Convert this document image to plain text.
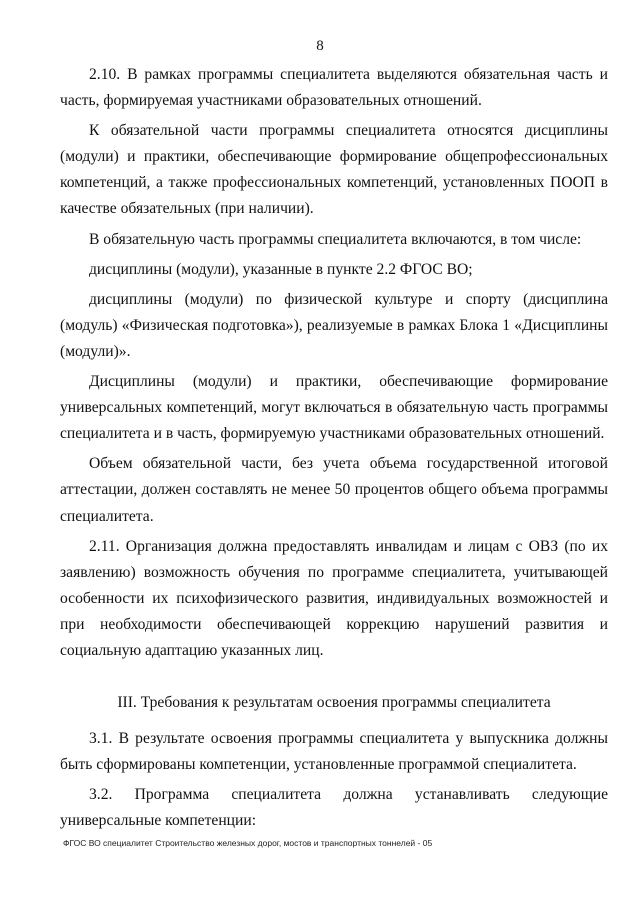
8

2.10. В рамках программы специалитета выделяются обязательная часть и часть, формируемая участниками образовательных отношений.

К обязательной части программы специалитета относятся дисциплины (модули) и практики, обеспечивающие формирование общепрофессиональных компетенций, а также профессиональных компетенций, установленных ПООП в качестве обязательных (при наличии).

В обязательную часть программы специалитета включаются, в том числе:

дисциплины (модули), указанные в пункте 2.2 ФГОС ВО;

дисциплины (модули) по физической культуре и спорту (дисциплина (модуль) «Физическая подготовка»), реализуемые в рамках Блока 1 «Дисциплины (модули)».

Дисциплины (модули) и практики, обеспечивающие формирование универсальных компетенций, могут включаться в обязательную часть программы специалитета и в часть, формируемую участниками образовательных отношений.

Объем обязательной части, без учета объема государственной итоговой аттестации, должен составлять не менее 50 процентов общего объема программы специалитета.

2.11. Организация должна предоставлять инвалидам и лицам с ОВЗ (по их заявлению) возможность обучения по программе специалитета, учитывающей особенности их психофизического развития, индивидуальных возможностей и при необходимости обеспечивающей коррекцию нарушений развития и социальную адаптацию указанных лиц.

III. Требования к результатам освоения программы специалитета

3.1. В результате освоения программы специалитета у выпускника должны быть сформированы компетенции, установленные программой специалитета.

3.2. Программа специалитета должна устанавливать следующие универсальные компетенции:

ФГОС ВО специалитет Строительство железных дорог, мостов и транспортных тоннелей - 05
